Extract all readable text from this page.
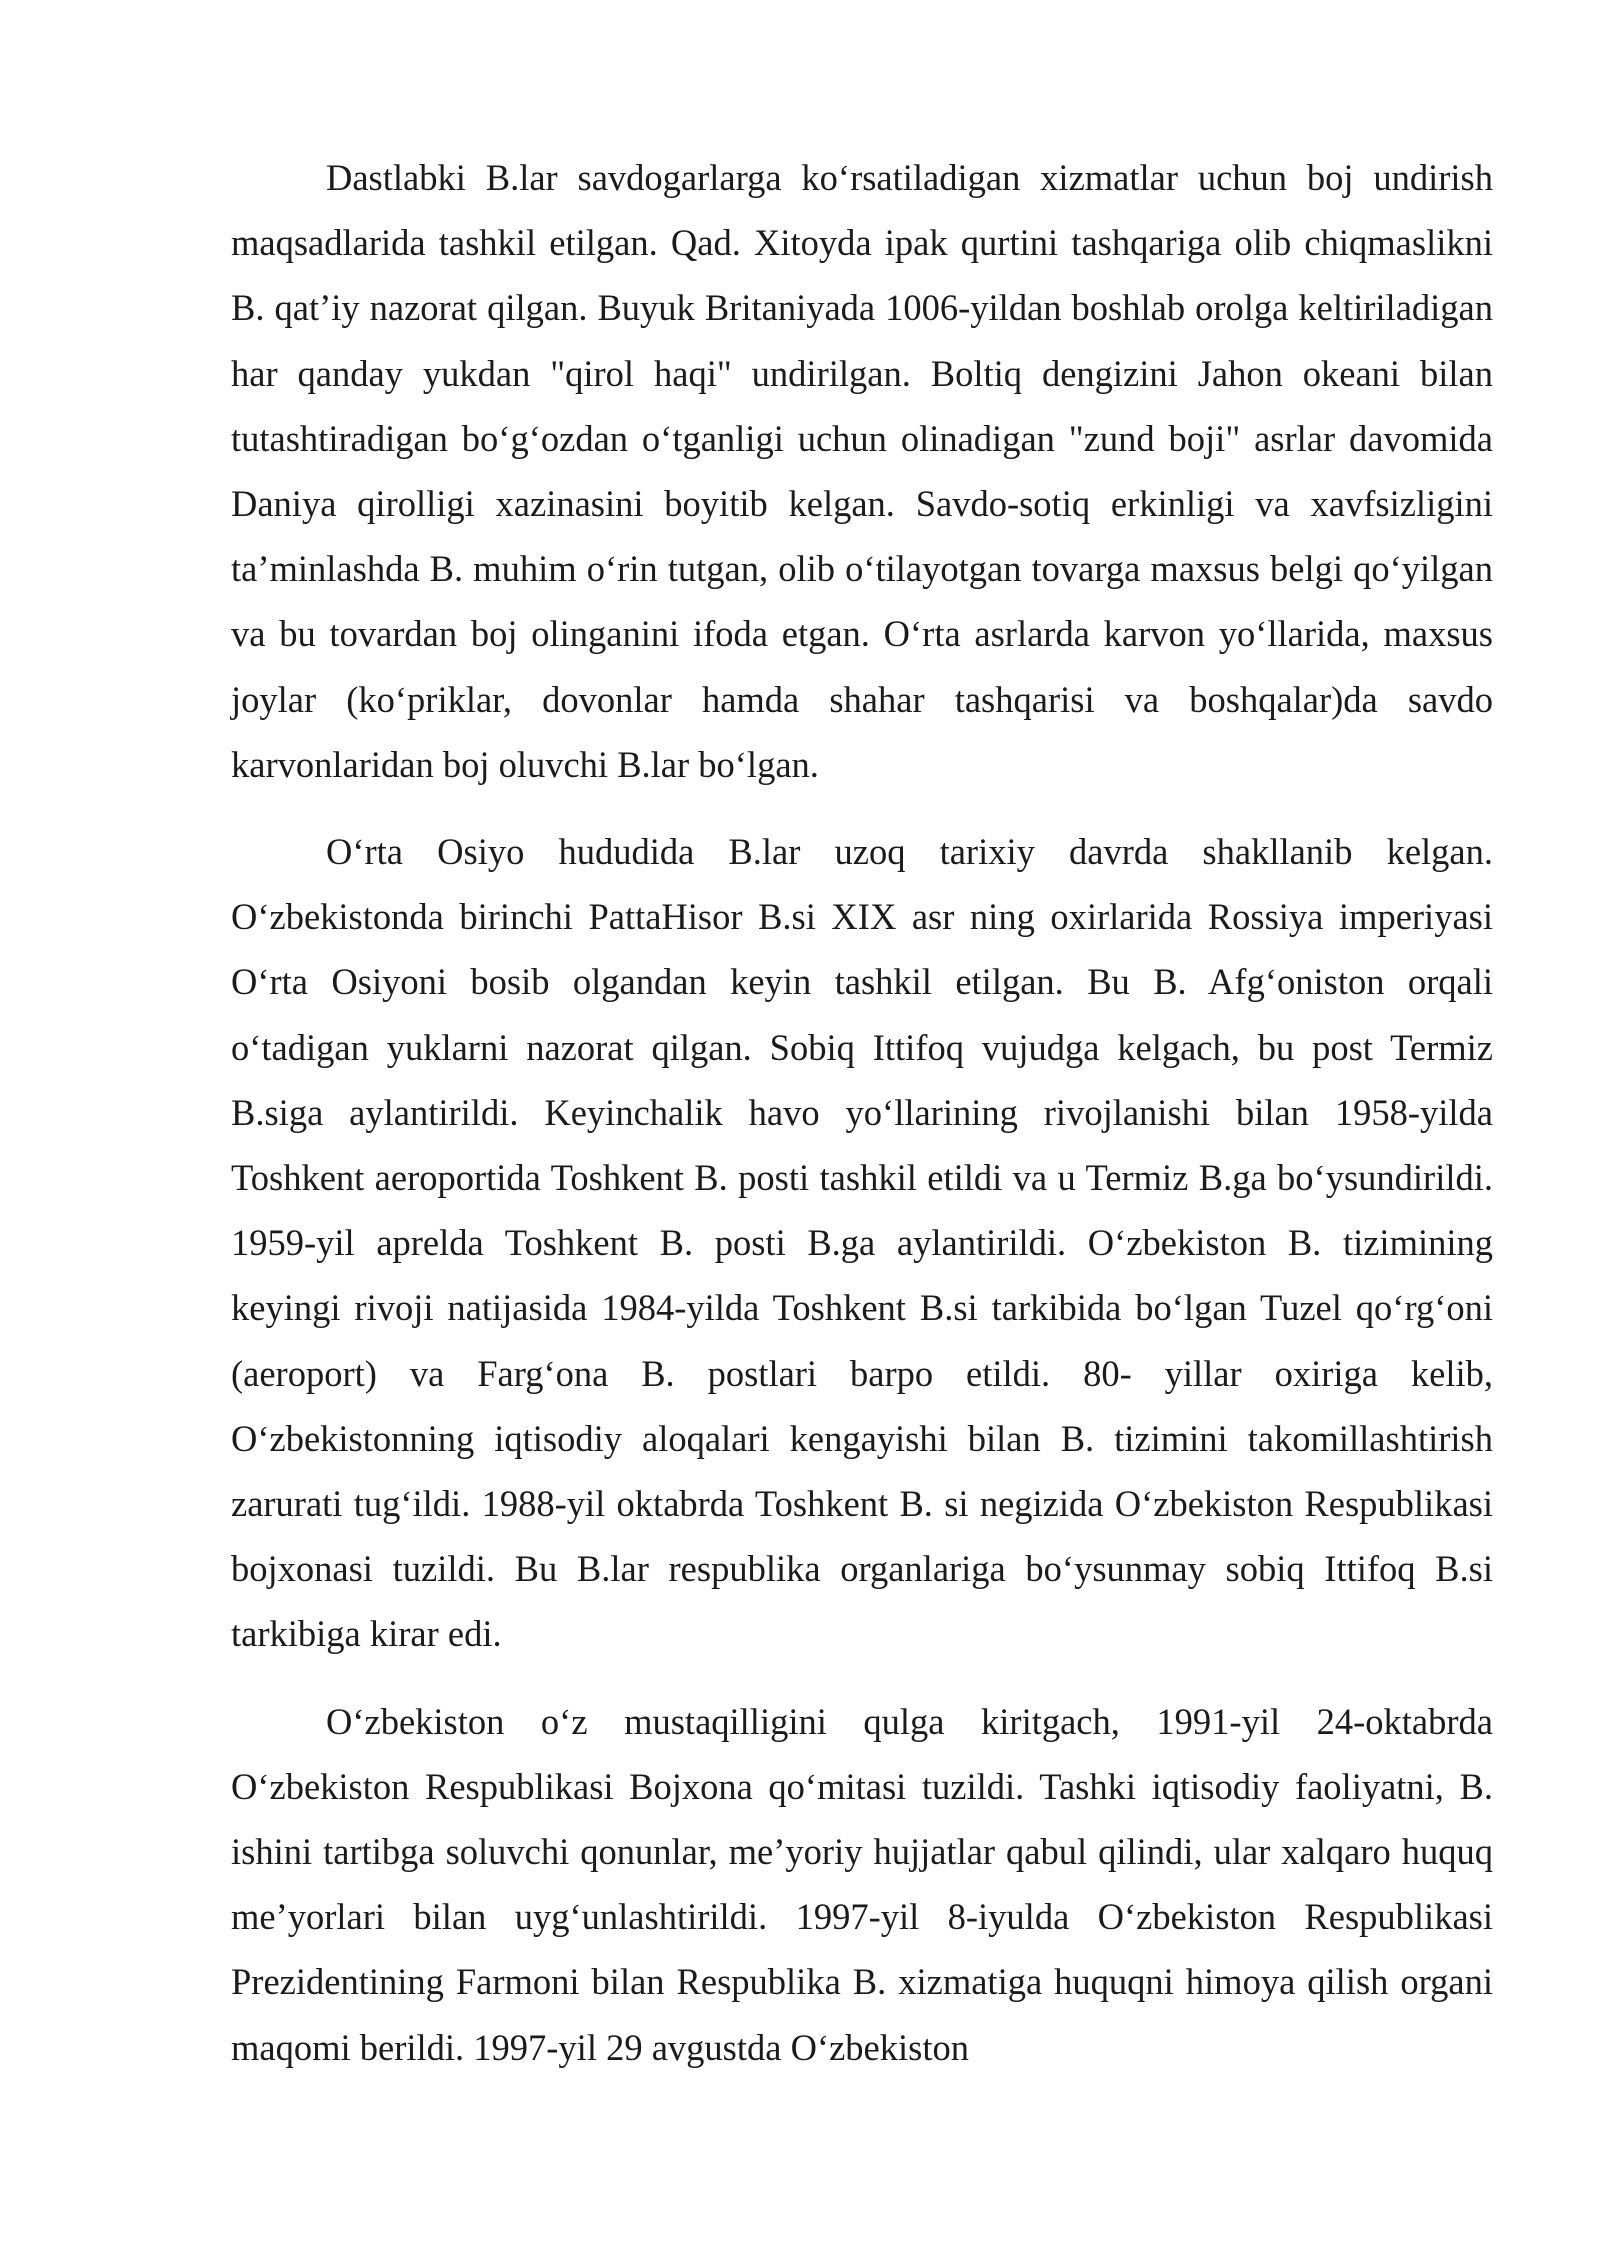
Dastlabki B.lar savdogarlarga ko‘rsatiladigan xizmatlar uchun boj undirish maqsadlarida tashkil etilgan. Qad. Xitoyda ipak qurtini tashqariga olib chiqmaslikni B. qat’iy nazorat qilgan. Buyuk Britaniyada 1006-yildan boshlab orolga keltiriladigan har qanday yukdan "qirol haqi" undirilgan. Boltiq dengizini Jahon okeani bilan tutashtiradigan bo‘g‘ozdan o‘tganligi uchun olinadigan "zund boji" asrlar davomida Daniya qirolligi xazinasini boyitib kelgan. Savdo-sotiq erkinligi va xavfsizligini ta’minlashda B. muhim o‘rin tutgan, olib o‘tilayotgan tovarga maxsus belgi qo‘yilgan va bu tovardan boj olinganini ifoda etgan. O‘rta asrlarda karvon yo‘llarida, maxsus joylar (ko‘priklar, dovonlar hamda shahar tashqarisi va boshqalar)da savdo karvonlaridan boj oluvchi B.lar bo‘lgan.

O‘rta Osiyo hududida B.lar uzoq tarixiy davrda shakllanib kelgan. O‘zbekistonda birinchi PattaHisor B.si XIX asr ning oxirlarida Rossiya imperiyasi O‘rta Osiyoni bosib olgandan keyin tashkil etilgan. Bu B. Afg‘oniston orqali o‘tadigan yuklarni nazorat qilgan. Sobiq Ittifoq vujudga kelgach, bu post Termiz B.siga aylantirildi. Keyinchalik havo yo‘llarining rivojlanishi bilan 1958-yilda Toshkent aeroportida Toshkent B. posti tashkil etildi va u Termiz B.ga bo‘ysundirildi. 1959-yil aprelda Toshkent B. posti B.ga aylantirildi. O‘zbekiston B. tizimining keyingi rivoji natijasida 1984-yilda Toshkent B.si tarkibida bo‘lgan Tuzel qo‘rg‘oni (aeroport) va Farg‘ona B. postlari barpo etildi. 80- yillar oxiriga kelib, O‘zbekistonning iqtisodiy aloqalari kengayishi bilan B. tizimini takomillashtirish zarurati tug‘ildi. 1988-yil oktabrda Toshkent B. si negizida O‘zbekiston Respublikasi bojxonasi tuzildi. Bu B.lar respublika organlariga bo‘ysunmay sobiq Ittifoq B.si tarkibiga kirar edi.

O‘zbekiston o‘z mustaqilligini qulga kiritgach, 1991-yil 24-oktabrda O‘zbekiston Respublikasi Bojxona qo‘mitasi tuzildi. Tashki iqtisodiy faoliyatni, B. ishini tartibga soluvchi qonunlar, me’yoriy hujjatlar qabul qilindi, ular xalqaro huquq me’yorlari bilan uyg‘unlashtirildi. 1997-yil 8-iyulda O‘zbekiston Respublikasi Prezidentining Farmoni bilan Respublika B. xizmatiga huquqni himoya qilish organi maqomi berildi. 1997-yil 29 avgustda O‘zbekiston
